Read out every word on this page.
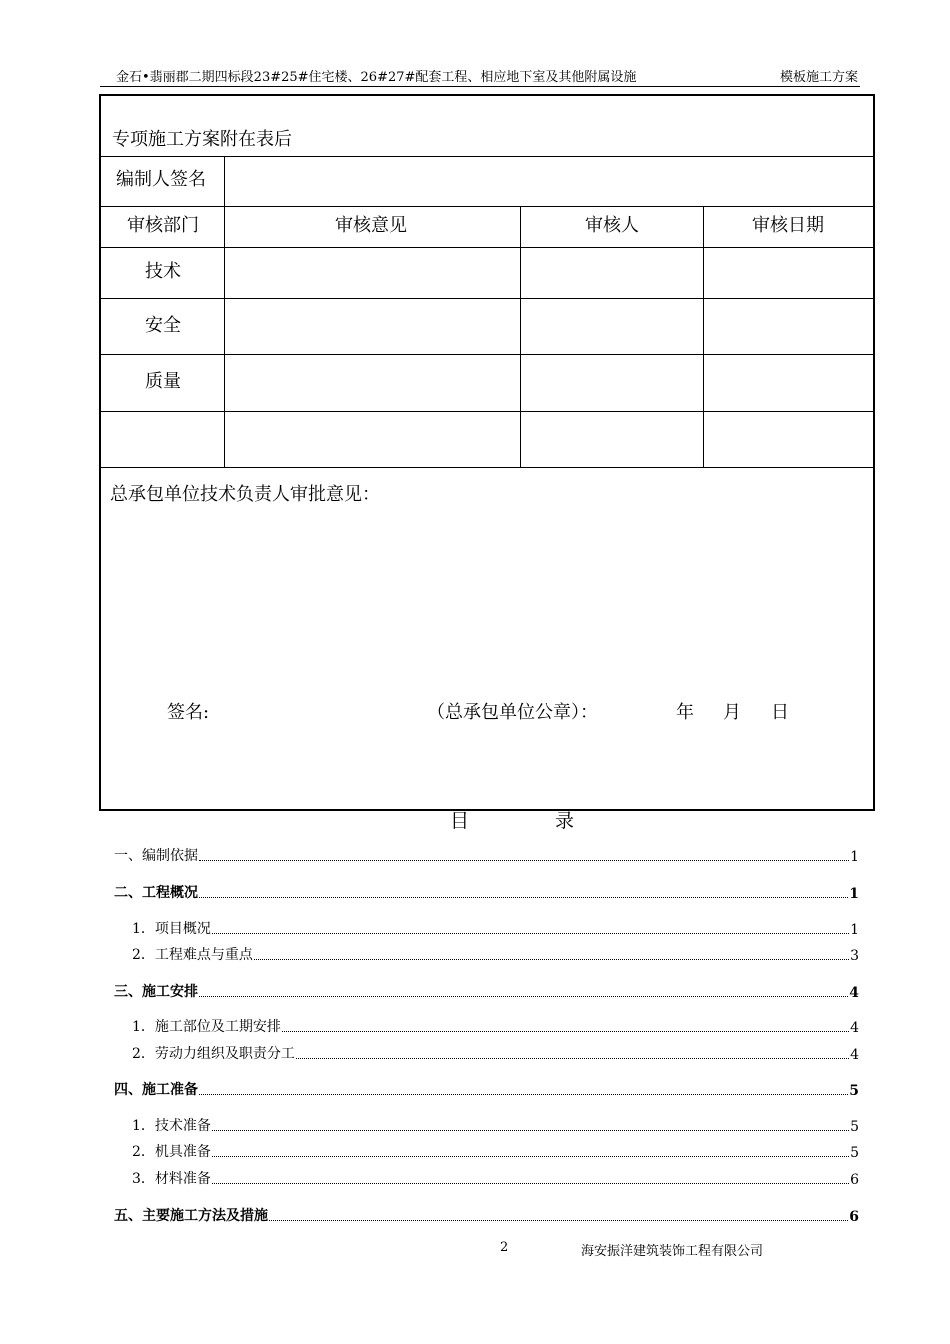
金石•翡丽郡二期四标段23#25#住宅楼、26#27#配套工程、相应地下室及其他附属设施	模板施工方案
专项施工方案附在表后
编制人签名
审核部门	审核意见	审核人	审核日期
技术
安全
质量
总承包单位技术负责人审批意见：
签名:	（总承包单位公章）：	年 月 日
目 录
一、编制依据	1
二、工程概况	1
1．项目概况	1
2．工程难点与重点	3
三、施工安排	4
1．施工部位及工期安排	4
2．劳动力组织及职责分工	4
四、施工准备	5
1．技术准备	5
2．机具准备	5
3．材料准备	6
五、主要施工方法及措施	6
2	海安振洋建筑装饰工程有限公司
